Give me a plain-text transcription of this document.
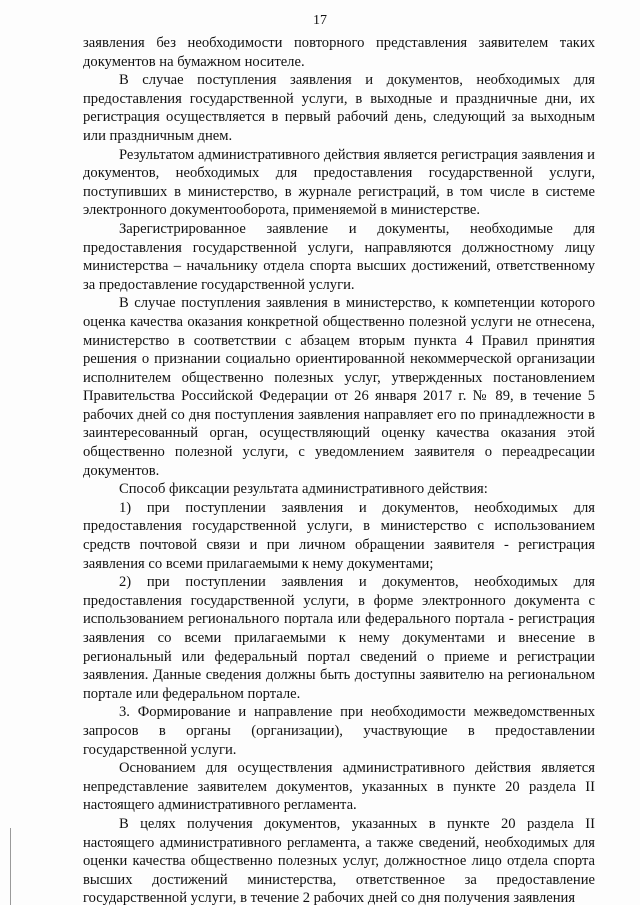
17

заявления без необходимости повторного представления заявителем таких документов на бумажном носителе.

В случае поступления заявления и документов, необходимых для предоставления государственной услуги, в выходные и праздничные дни, их регистрация осуществляется в первый рабочий день, следующий за выходным или праздничным днем.

Результатом административного действия является регистрация заявления и документов, необходимых для предоставления государственной услуги, поступивших в министерство, в журнале регистраций, в том числе в системе электронного документооборота, применяемой в министерстве.

Зарегистрированное заявление и документы, необходимые для предоставления государственной услуги, направляются должностному лицу министерства – начальнику отдела спорта высших достижений, ответственному за предоставление государственной услуги.

В случае поступления заявления в министерство, к компетенции которого оценка качества оказания конкретной общественно полезной услуги не отнесена, министерство в соответствии с абзацем вторым пункта 4 Правил принятия решения о признании социально ориентированной некоммерческой организации исполнителем общественно полезных услуг, утвержденных постановлением Правительства Российской Федерации от 26 января 2017 г. № 89, в течение 5 рабочих дней со дня поступления заявления направляет его по принадлежности в заинтересованный орган, осуществляющий оценку качества оказания этой общественно полезной услуги, с уведомлением заявителя о переадресации документов.

Способ фиксации результата административного действия:

1) при поступлении заявления и документов, необходимых для предоставления государственной услуги, в министерство с использованием средств почтовой связи и при личном обращении заявителя - регистрация заявления со всеми прилагаемыми к нему документами;

2) при поступлении заявления и документов, необходимых для предоставления государственной услуги, в форме электронного документа с использованием регионального портала или федерального портала - регистрация заявления со всеми прилагаемыми к нему документами и внесение в региональный или федеральный портал сведений о приеме и регистрации заявления. Данные сведения должны быть доступны заявителю на региональном портале или федеральном портале.

3. Формирование и направление при необходимости межведомственных запросов в органы (организации), участвующие в предоставлении государственной услуги.

Основанием для осуществления административного действия является непредставление заявителем документов, указанных в пункте 20 раздела II настоящего административного регламента.

В целях получения документов, указанных в пункте 20 раздела II настоящего административного регламента, а также сведений, необходимых для оценки качества общественно полезных услуг, должностное лицо отдела спорта высших достижений министерства, ответственное за предоставление государственной услуги, в течение 2 рабочих дней со дня получения заявления
